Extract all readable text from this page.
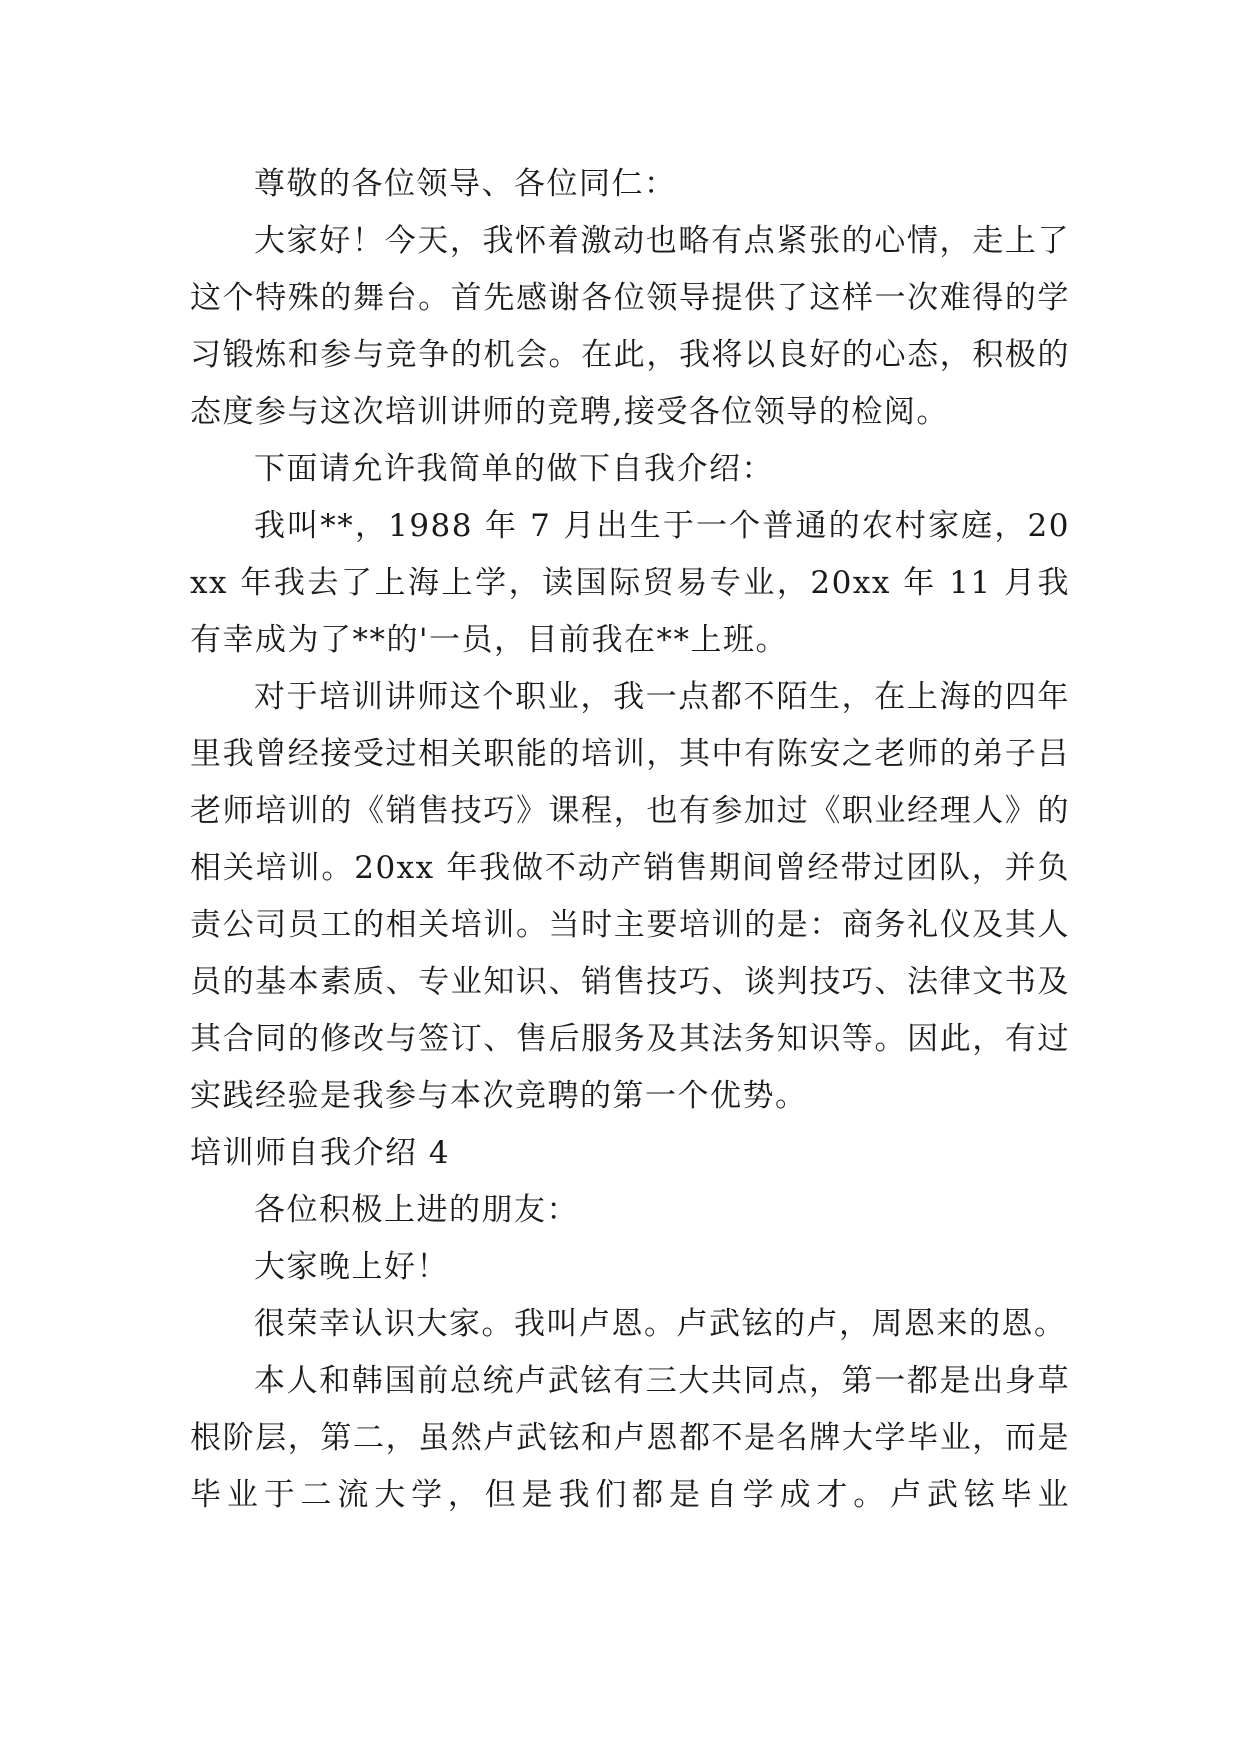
尊敬的各位领导、各位同仁：

大家好！今天，我怀着激动也略有点紧张的心情，走上了这个特殊的舞台。首先感谢各位领导提供了这样一次难得的学习锻炼和参与竞争的机会。在此，我将以良好的心态，积极的态度参与这次培训讲师的竞聘,接受各位领导的检阅。

下面请允许我简单的做下自我介绍：

我叫**，1988 年 7 月出生于一个普通的农村家庭，20xx 年我去了上海上学，读国际贸易专业，20xx 年 11 月我有幸成为了**的'一员，目前我在**上班。

对于培训讲师这个职业，我一点都不陌生，在上海的四年里我曾经接受过相关职能的培训，其中有陈安之老师的弟子吕老师培训的《销售技巧》课程，也有参加过《职业经理人》的相关培训。20xx 年我做不动产销售期间曾经带过团队，并负责公司员工的相关培训。当时主要培训的是：商务礼仪及其人员的基本素质、专业知识、销售技巧、谈判技巧、法律文书及其合同的修改与签订、售后服务及其法务知识等。因此，有过实践经验是我参与本次竞聘的第一个优势。

培训师自我介绍 4

各位积极上进的朋友：

大家晚上好！

很荣幸认识大家。我叫卢恩。卢武铉的卢，周恩来的恩。

本人和韩国前总统卢武铉有三大共同点，第一都是出身草根阶层，第二，虽然卢武铉和卢恩都不是名牌大学毕业，而是毕业于二流大学，但是我们都是自学成才。卢武铉毕业
